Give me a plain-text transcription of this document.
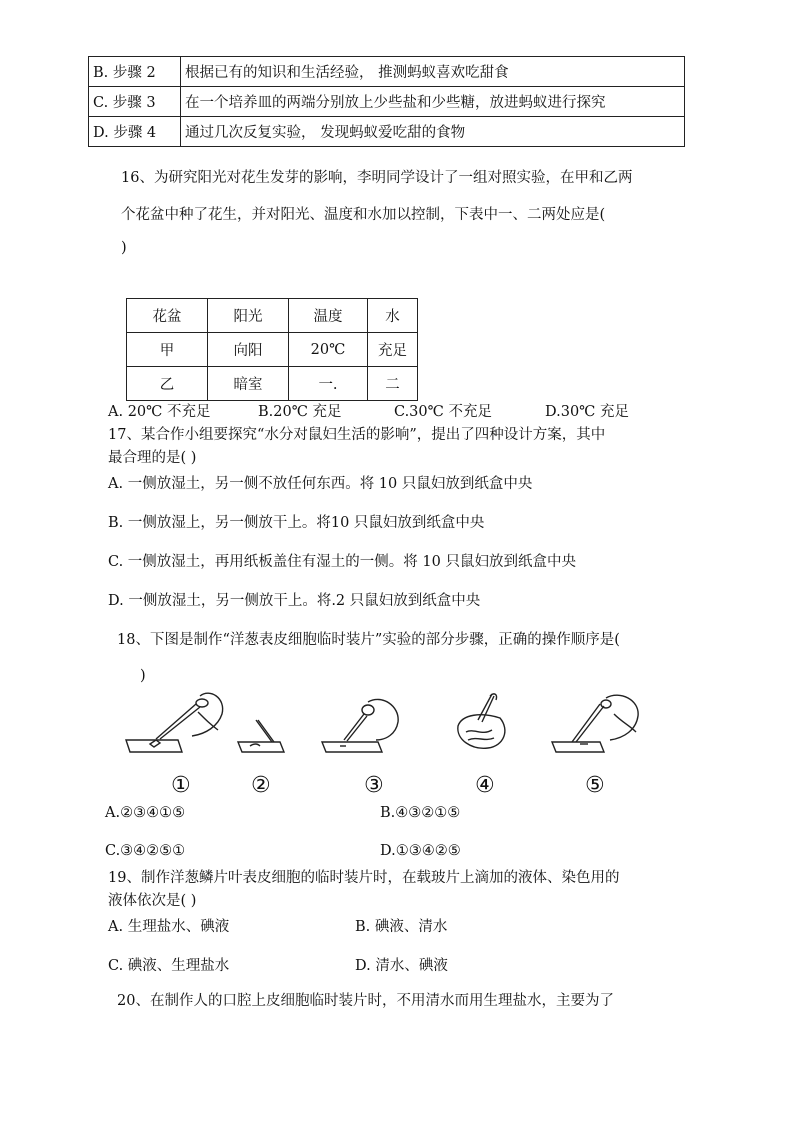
B. 步骤 2	根据已有的知识和生活经验， 推测蚂蚁喜欢吃甜食
C. 步骤 3	在一个培养皿的两端分别放上少些盐和少些糖，放进蚂蚁进行探究
D. 步骤 4	通过几次反复实验， 发现蚂蚁爱吃甜的食物
16、为研究阳光对花生发芽的影响，李明同学设计了一组对照实验，在甲和乙两
个花盆中种了花生，并对阳光、温度和水加以控制，下表中一、二两处应是(
)
花盆	阳光	温度	水
甲	向阳	20℃	充足
乙	暗室	一.	二
A. 20℃ 不充足	B.20℃ 充足	C.30℃ 不充足	D.30℃ 充足
17、某合作小组要探究“水分对鼠妇生活的影响”，提出了四种设计方案，其中
最合理的是( )
A. 一侧放湿土，另一侧不放任何东西。将 10 只鼠妇放到纸盒中央
B. 一侧放湿上，另一侧放干上。将10 只鼠妇放到纸盒中央
C. 一侧放湿土，再用纸板盖住有湿土的一侧。将 10 只鼠妇放到纸盒中央
D. 一侧放湿土，另一侧放干上。将.2 只鼠妇放到纸盒中央
18、下图是制作“洋葱表皮细胞临时装片”实验的部分步骤，正确的操作顺序是(
)
①	②	③	④	⑤
A.②③④①⑤	B.④③②①⑤
C.③④②⑤①	D.①③④②⑤
19、制作洋葱鳞片叶表皮细胞的临时装片时，在载玻片上滴加的液体、染色用的
液体依次是( )
A. 生理盐水、碘液	B. 碘液、清水
C. 碘液、生理盐水	D. 清水、碘液
20、在制作人的口腔上皮细胞临时装片时，不用清水而用生理盐水，主要为了
